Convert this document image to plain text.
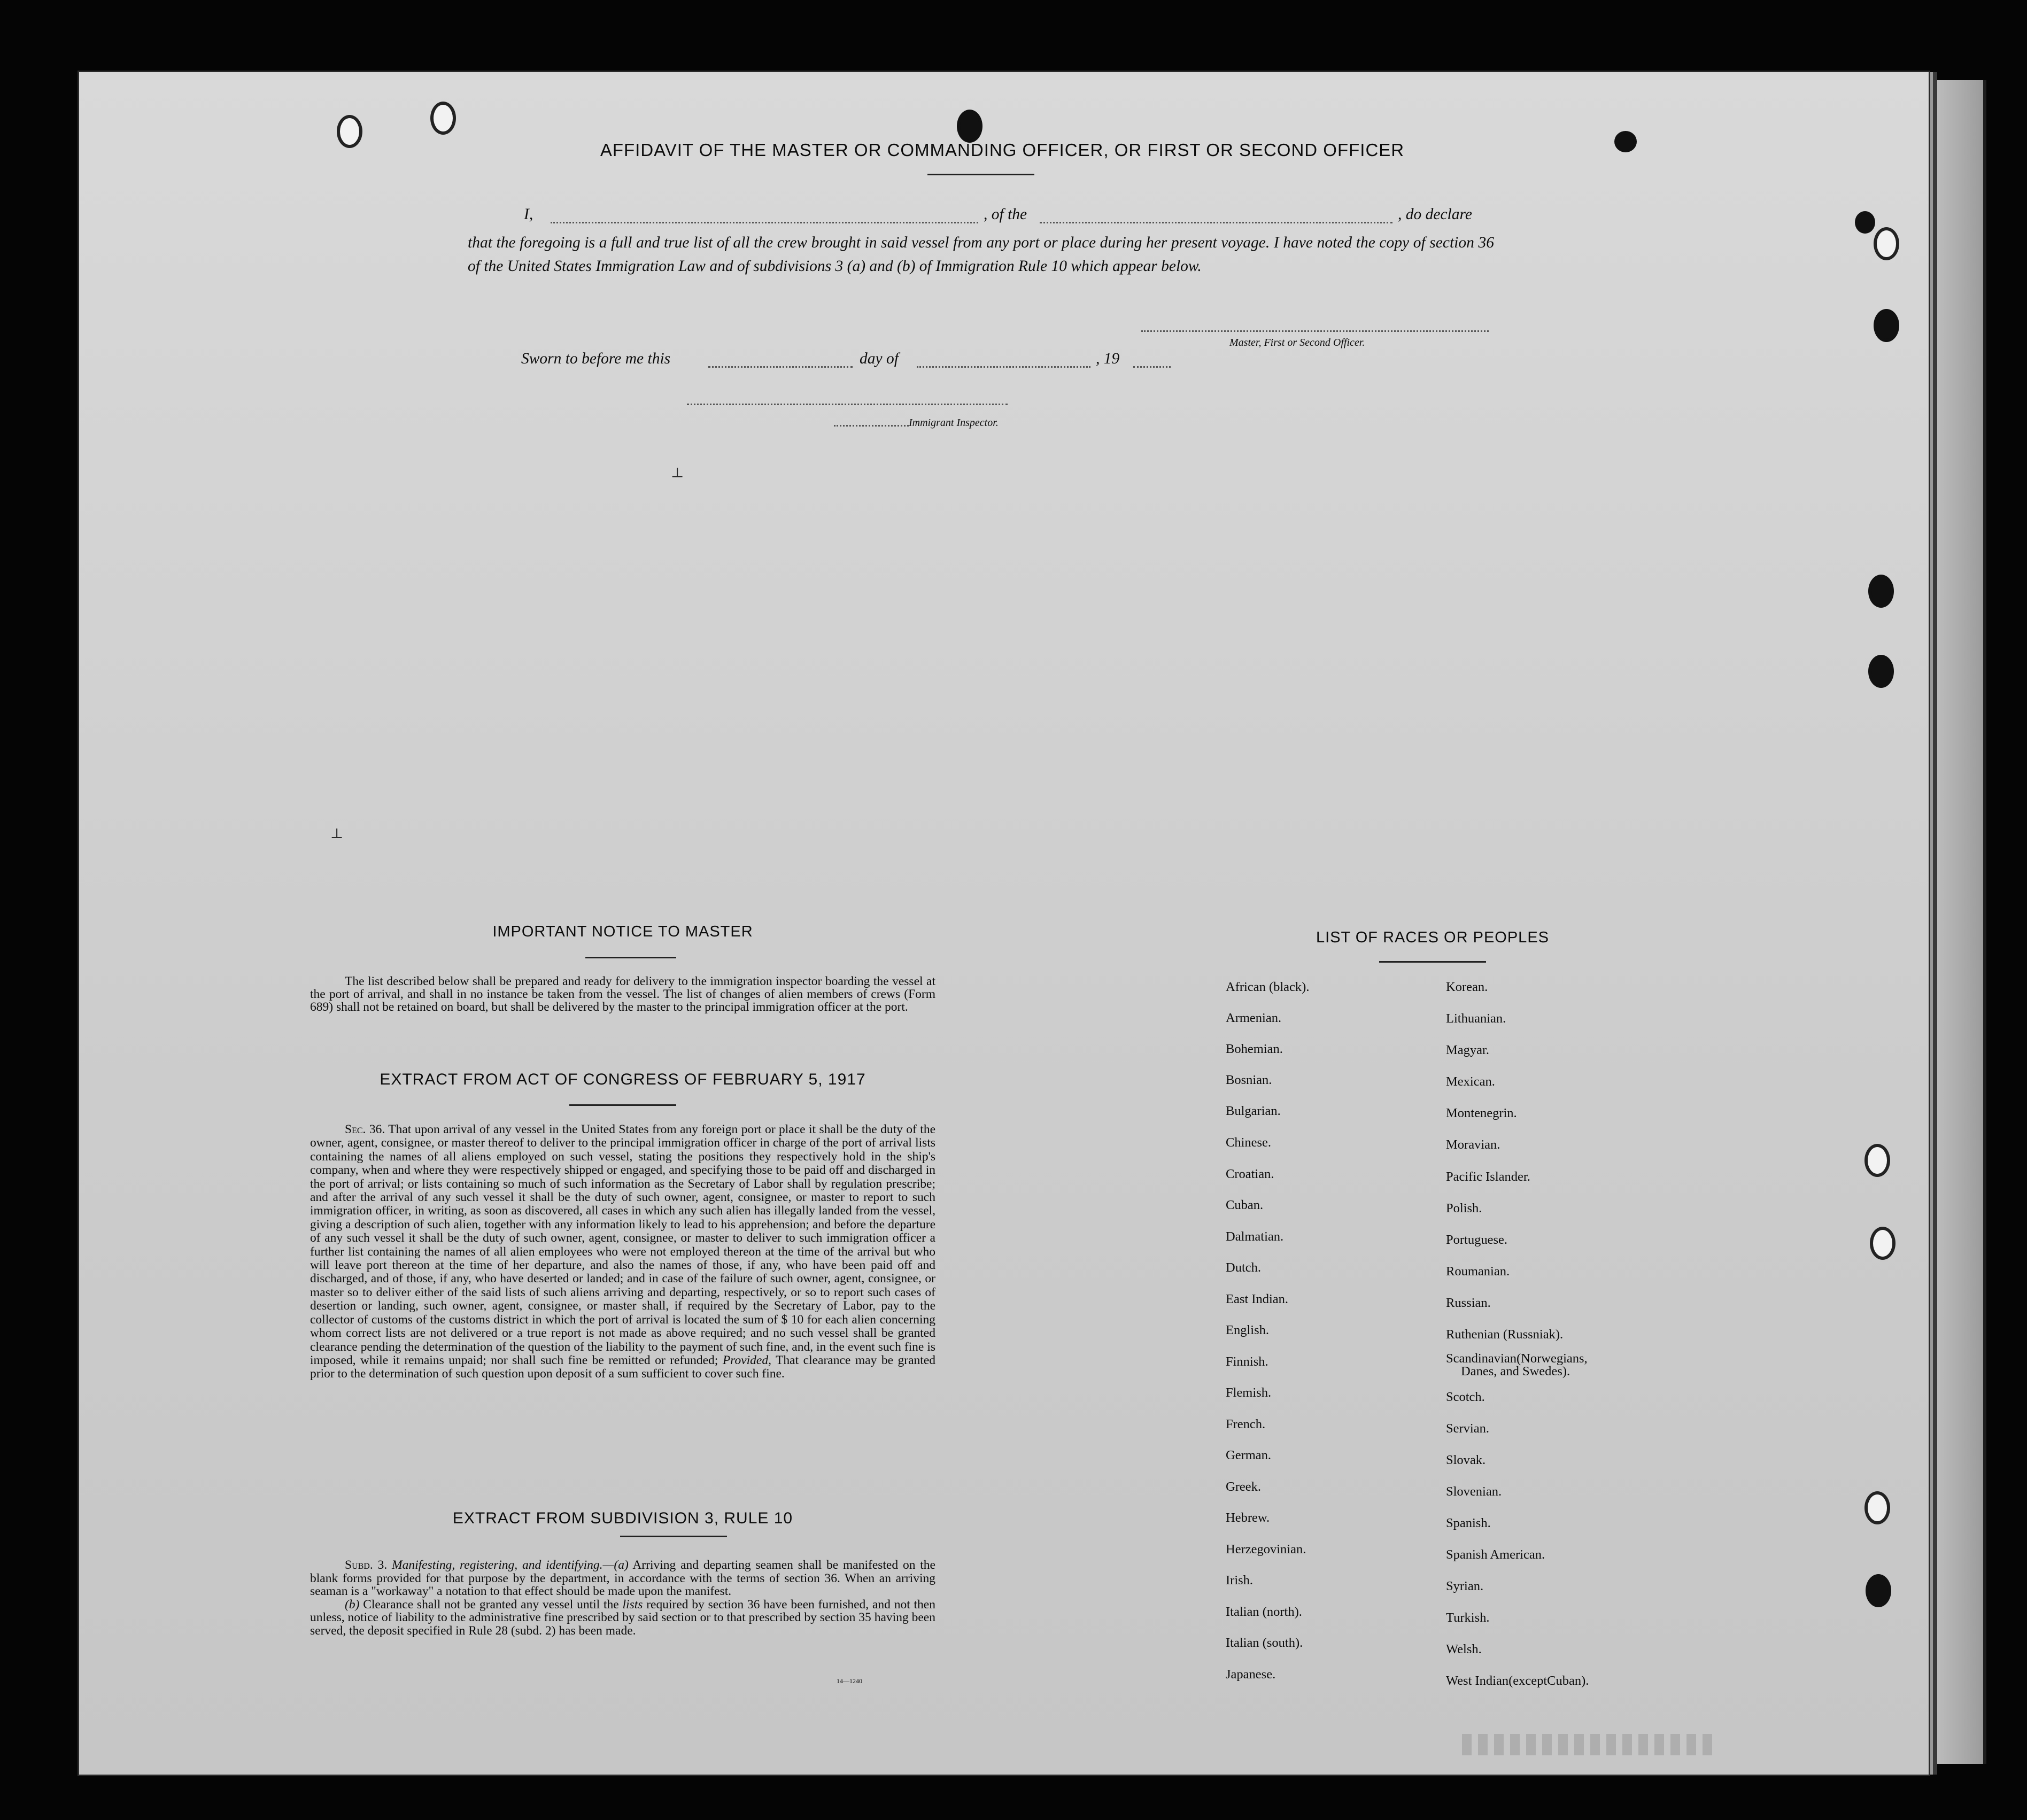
AFFIDAVIT OF THE MASTER OR COMMANDING OFFICER, OR FIRST OR SECOND OFFICER
I,	, of the	, do declare
that the foregoing is a full and true list of all the crew brought in said vessel from any port or place during her present voyage. I have noted the copy of section 36 of the United States Immigration Law and of subdivisions 3 (a) and (b) of Immigration Rule 10 which appear below.
Master, First or Second Officer.
Sworn to before me this	day of	, 19
Immigrant Inspector.
⊥
⊥
IMPORTANT NOTICE TO MASTER
The list described below shall be prepared and ready for delivery to the immigration inspector boarding the vessel at the port of arrival, and shall in no instance be taken from the vessel. The list of changes of alien members of crews (Form 689) shall not be retained on board, but shall be delivered by the master to the principal immigration officer at the port.
EXTRACT FROM ACT OF CONGRESS OF FEBRUARY 5, 1917
Sec. 36. That upon arrival of any vessel in the United States from any foreign port or place it shall be the duty of the owner, agent, consignee, or master thereof to deliver to the principal immigration officer in charge of the port of arrival lists containing the names of all aliens employed on such vessel, stating the positions they respectively hold in the ship's company, when and where they were respectively shipped or engaged, and specifying those to be paid off and discharged in the port of arrival; or lists containing so much of such information as the Secretary of Labor shall by regulation prescribe; and after the arrival of any such vessel it shall be the duty of such owner, agent, consignee, or master to report to such immigration officer, in writing, as soon as discovered, all cases in which any such alien has illegally landed from the vessel, giving a description of such alien, together with any information likely to lead to his apprehension; and before the departure of any such vessel it shall be the duty of such owner, agent, consignee, or master to deliver to such immigration officer a further list containing the names of all alien employees who were not employed thereon at the time of the arrival but who will leave port thereon at the time of her departure, and also the names of those, if any, who have been paid off and discharged, and of those, if any, who have deserted or landed; and in case of the failure of such owner, agent, consignee, or master so to deliver either of the said lists of such aliens arriving and departing, respectively, or so to report such cases of desertion or landing, such owner, agent, consignee, or master shall, if required by the Secretary of Labor, pay to the collector of customs of the customs district in which the port of arrival is located the sum of $ 10 for each alien concerning whom correct lists are not delivered or a true report is not made as above required; and no such vessel shall be granted clearance pending the determination of the question of the liability to the payment of such fine, and, in the event such fine is imposed, while it remains unpaid; nor shall such fine be remitted or refunded; Provided, That clearance may be granted prior to the determination of such question upon deposit of a sum sufficient to cover such fine.
EXTRACT FROM SUBDIVISION 3, RULE 10
Subd. 3. Manifesting, registering, and identifying.—(a) Arriving and departing seamen shall be manifested on the blank forms provided for that purpose by the department, in accordance with the terms of section 36. When an arriving seaman is a "workaway" a notation to that effect should be made upon the manifest.
(b) Clearance shall not be granted any vessel until the lists required by section 36 have been furnished, and not then unless, notice of liability to the administrative fine prescribed by said section or to that prescribed by section 35 having been served, the deposit specified in Rule 28 (subd. 2) has been made.
14—1240
LIST OF RACES OR PEOPLES
African (black).
Armenian.
Bohemian.
Bosnian.
Bulgarian.
Chinese.
Croatian.
Cuban.
Dalmatian.
Dutch.
East Indian.
English.
Finnish.
Flemish.
French.
German.
Greek.
Hebrew.
Herzegovinian.
Irish.
Italian (north).
Italian (south).
Japanese.
Korean.
Lithuanian.
Magyar.
Mexican.
Montenegrin.
Moravian.
Pacific Islander.
Polish.
Portuguese.
Roumanian.
Russian.
Ruthenian (Russniak).
Scandinavian(Norwegians,
Danes, and Swedes).
Scotch.
Servian.
Slovak.
Slovenian.
Spanish.
Spanish American.
Syrian.
Turkish.
Welsh.
West Indian(exceptCuban).
